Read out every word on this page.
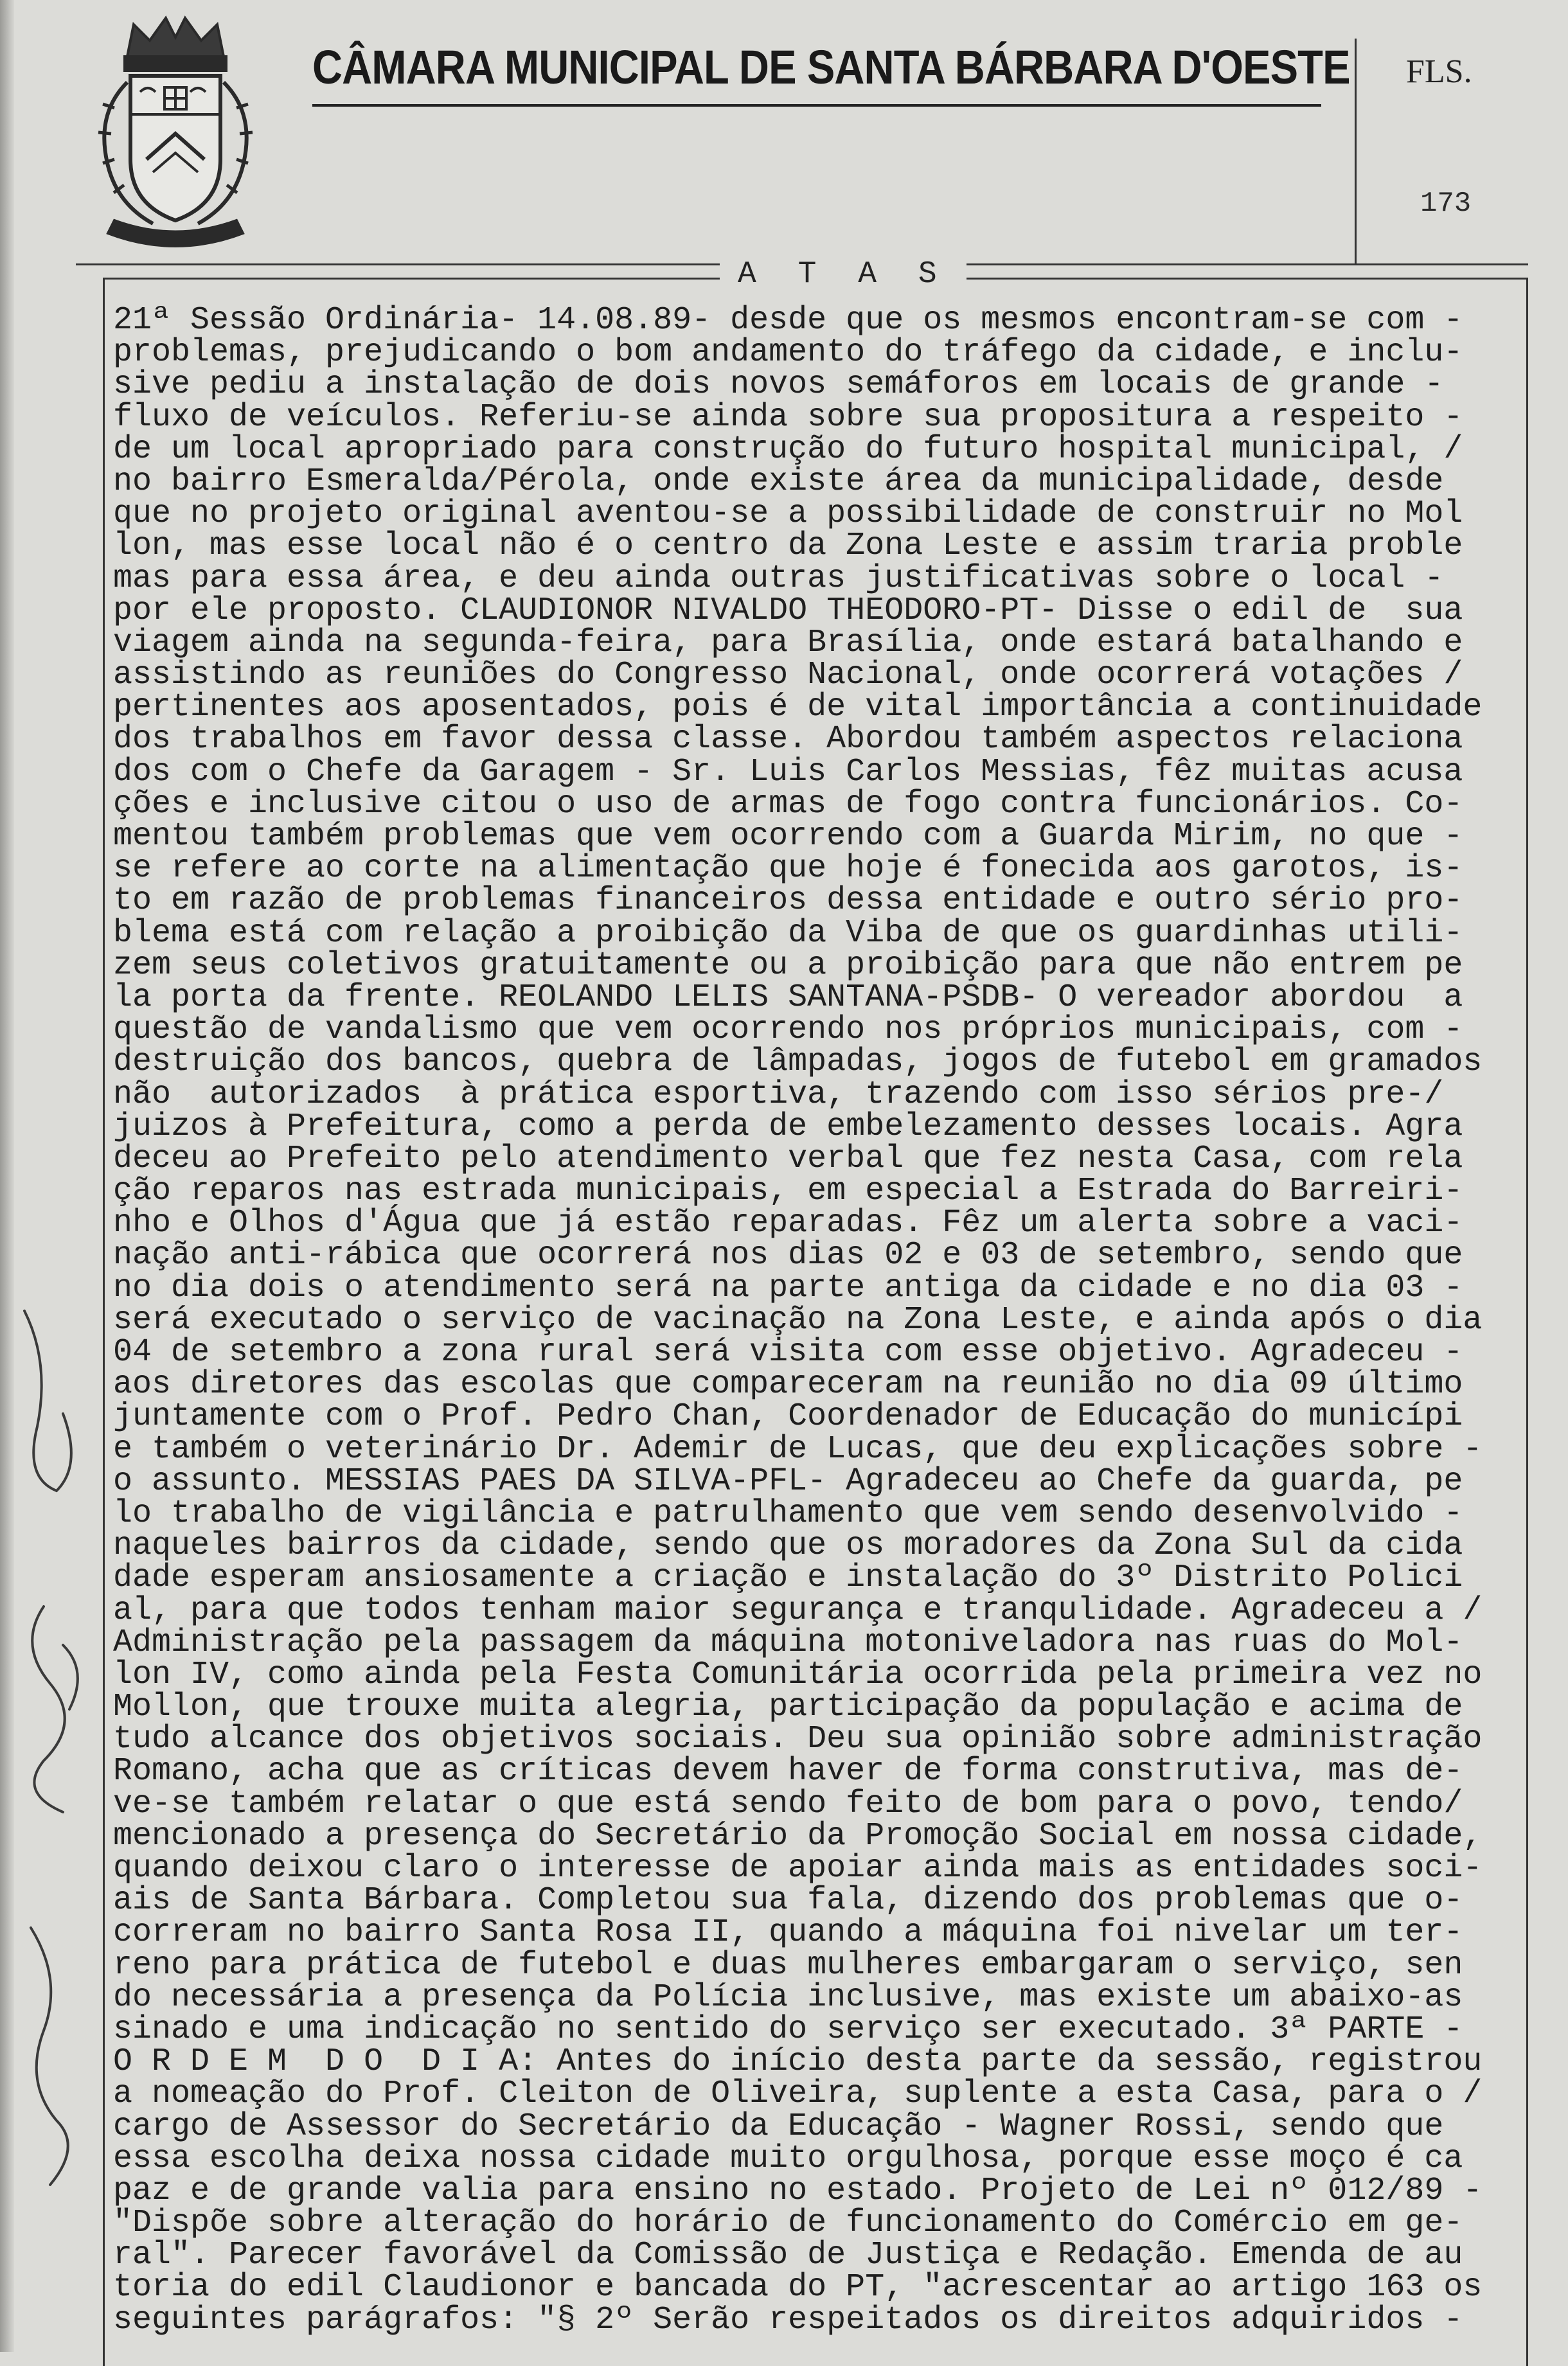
CÂMARA MUNICIPAL DE SANTA BÁRBARA D'OESTE FLS.
173
A T A S
21ª Sessão Ordinária- 14.08.89- desde que os mesmos encontram-se com -
problemas, prejudicando o bom andamento do tráfego da cidade, e inclu-
sive pediu a instalação de dois novos semáforos em locais de grande -
fluxo de veículos. Referiu-se ainda sobre sua propositura a respeito -
de um local apropriado para construção do futuro hospital municipal, /
no bairro Esmeralda/Pérola, onde existe área da municipalidade, desde
que no projeto original aventou-se a possibilidade de construir no Mol
lon, mas esse local não é o centro da Zona Leste e assim traria proble
mas para essa área, e deu ainda outras justificativas sobre o local -
por ele proposto. CLAUDIONOR NIVALDO THEODORO-PT- Disse o edil de  sua
viagem ainda na segunda-feira, para Brasília, onde estará batalhando e
assistindo as reuniões do Congresso Nacional, onde ocorrerá votações /
pertinentes aos aposentados, pois é de vital importância a continuidade
dos trabalhos em favor dessa classe. Abordou também aspectos relaciona
dos com o Chefe da Garagem - Sr. Luis Carlos Messias, fêz muitas acusa
ções e inclusive citou o uso de armas de fogo contra funcionários. Co-
mentou também problemas que vem ocorrendo com a Guarda Mirim, no que -
se refere ao corte na alimentação que hoje é fonecida aos garotos, is-
to em razão de problemas financeiros dessa entidade e outro sério pro-
blema está com relação a proibição da Viba de que os guardinhas utili-
zem seus coletivos gratuitamente ou a proibição para que não entrem pe
la porta da frente. REOLANDO LELIS SANTANA-PSDB- O vereador abordou  a
questão de vandalismo que vem ocorrendo nos próprios municipais, com -
destruição dos bancos, quebra de lâmpadas, jogos de futebol em gramados
não  autorizados  à prática esportiva, trazendo com isso sérios pre-/
juizos à Prefeitura, como a perda de embelezamento desses locais. Agra
deceu ao Prefeito pelo atendimento verbal que fez nesta Casa, com rela
ção reparos nas estrada municipais, em especial a Estrada do Barreiri-
nho e Olhos d'Água que já estão reparadas. Fêz um alerta sobre a vaci-
nação anti-rábica que ocorrerá nos dias 02 e 03 de setembro, sendo que
no dia dois o atendimento será na parte antiga da cidade e no dia 03 -
será executado o serviço de vacinação na Zona Leste, e ainda após o dia
04 de setembro a zona rural será visita com esse objetivo. Agradeceu -
aos diretores das escolas que compareceram na reunião no dia 09 último
juntamente com o Prof. Pedro Chan, Coordenador de Educação do municípi
e também o veterinário Dr. Ademir de Lucas, que deu explicações sobre -
o assunto. MESSIAS PAES DA SILVA-PFL- Agradeceu ao Chefe da guarda, pe
lo trabalho de vigilância e patrulhamento que vem sendo desenvolvido -
naqueles bairros da cidade, sendo que os moradores da Zona Sul da cida
dade esperam ansiosamente a criação e instalação do 3º Distrito Polici
al, para que todos tenham maior segurança e tranqulidade. Agradeceu a /
Administração pela passagem da máquina motoniveladora nas ruas do Mol-
lon IV, como ainda pela Festa Comunitária ocorrida pela primeira vez no
Mollon, que trouxe muita alegria, participação da população e acima de
tudo alcance dos objetivos sociais. Deu sua opinião sobre administração
Romano, acha que as críticas devem haver de forma construtiva, mas de-
ve-se também relatar o que está sendo feito de bom para o povo, tendo/
mencionado a presença do Secretário da Promoção Social em nossa cidade,
quando deixou claro o interesse de apoiar ainda mais as entidades soci-
ais de Santa Bárbara. Completou sua fala, dizendo dos problemas que o-
correram no bairro Santa Rosa II, quando a máquina foi nivelar um ter-
reno para prática de futebol e duas mulheres embargaram o serviço, sen
do necessária a presença da Polícia inclusive, mas existe um abaixo-as
sinado e uma indicação no sentido do serviço ser executado. 3ª PARTE -
O R D E M  D O  D I A: Antes do início desta parte da sessão, registrou
a nomeação do Prof. Cleiton de Oliveira, suplente a esta Casa, para o /
cargo de Assessor do Secretário da Educação - Wagner Rossi, sendo que
essa escolha deixa nossa cidade muito orgulhosa, porque esse moço é ca
paz e de grande valia para ensino no estado. Projeto de Lei nº 012/89 -
"Dispõe sobre alteração do horário de funcionamento do Comércio em ge-
ral". Parecer favorável da Comissão de Justiça e Redação. Emenda de au
toria do edil Claudionor e bancada do PT, "acrescentar ao artigo 163 os
seguintes parágrafos: "§ 2º Serão respeitados os direitos adquiridos -
